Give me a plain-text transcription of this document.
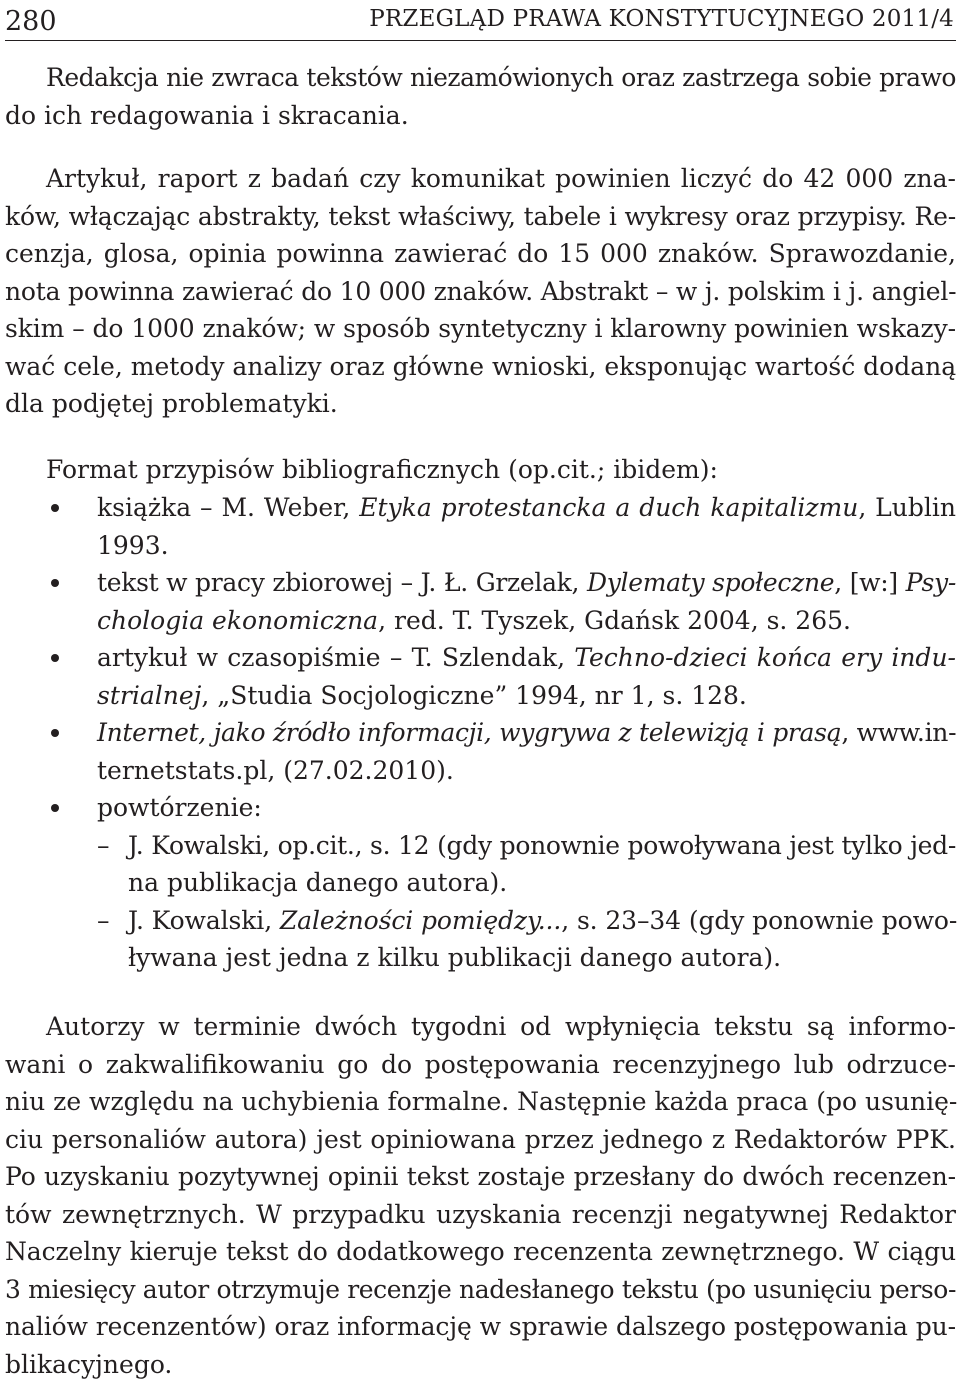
280	PRZEGLĄD PRAWA KONSTYTUCYJNEGO 2011/4
Redakcja nie zwraca tekstów niezamówionych oraz zastrzega sobie prawo
do ich redagowania i skracania.
Artykuł, raport z badań czy komunikat powinien liczyć do 42 000 zna-
ków, włączając abstrakty, tekst właściwy, tabele i wykresy oraz przypisy. Re-
cenzja, glosa, opinia powinna zawierać do 15 000 znaków. Sprawozdanie,
nota powinna zawierać do 10 000 znaków. Abstrakt – w j. polskim i j. angiel-
skim – do 1000 znaków; w sposób syntetyczny i klarowny powinien wskazy-
wać cele, metody analizy oraz główne wnioski, eksponując wartość dodaną
dla podjętej problematyki.

Format przypisów bibliograficznych (op.cit.; ibidem):

książka – M. Weber, Etyka protestancka a duch kapitalizmu, Lublin
1993.
tekst w pracy zbiorowej – J. Ł. Grzelak, Dylematy społeczne, [w:] Psy-
chologia ekonomiczna, red. T. Tyszek, Gdańsk 2004, s. 265.
artykuł w czasopiśmie – T. Szlendak, Techno-dzieci końca ery indu-
strialnej, „Studia Socjologiczne” 1994, nr 1, s. 128.
Internet, jako źródło informacji, wygrywa z telewizją i prasą, www.in-
ternetstats.pl, (27.02.2010).
powtórzenie:
– J. Kowalski, op.cit., s. 12 (gdy ponownie powoływana jest tylko jed-
na publikacja danego autora).
– J. Kowalski, Zależności pomiędzy..., s. 23–34 (gdy ponownie powo-
ływana jest jedna z kilku publikacji danego autora).
Autorzy w terminie dwóch tygodni od wpłynięcia tekstu są informo-
wani o zakwalifikowaniu go do postępowania recenzyjnego lub odrzuce-
niu ze względu na uchybienia formalne. Następnie każda praca (po usunię-
ciu personaliów autora) jest opiniowana przez jednego z Redaktorów PPK.
Po uzyskaniu pozytywnej opinii tekst zostaje przesłany do dwóch recenzen-
tów zewnętrznych. W przypadku uzyskania recenzji negatywnej Redaktor
Naczelny kieruje tekst do dodatkowego recenzenta zewnętrznego. W ciągu
3 miesięcy autor otrzymuje recenzje nadesłanego tekstu (po usunięciu perso-
naliów recenzentów) oraz informację w sprawie dalszego postępowania pu-
blikacyjnego.
